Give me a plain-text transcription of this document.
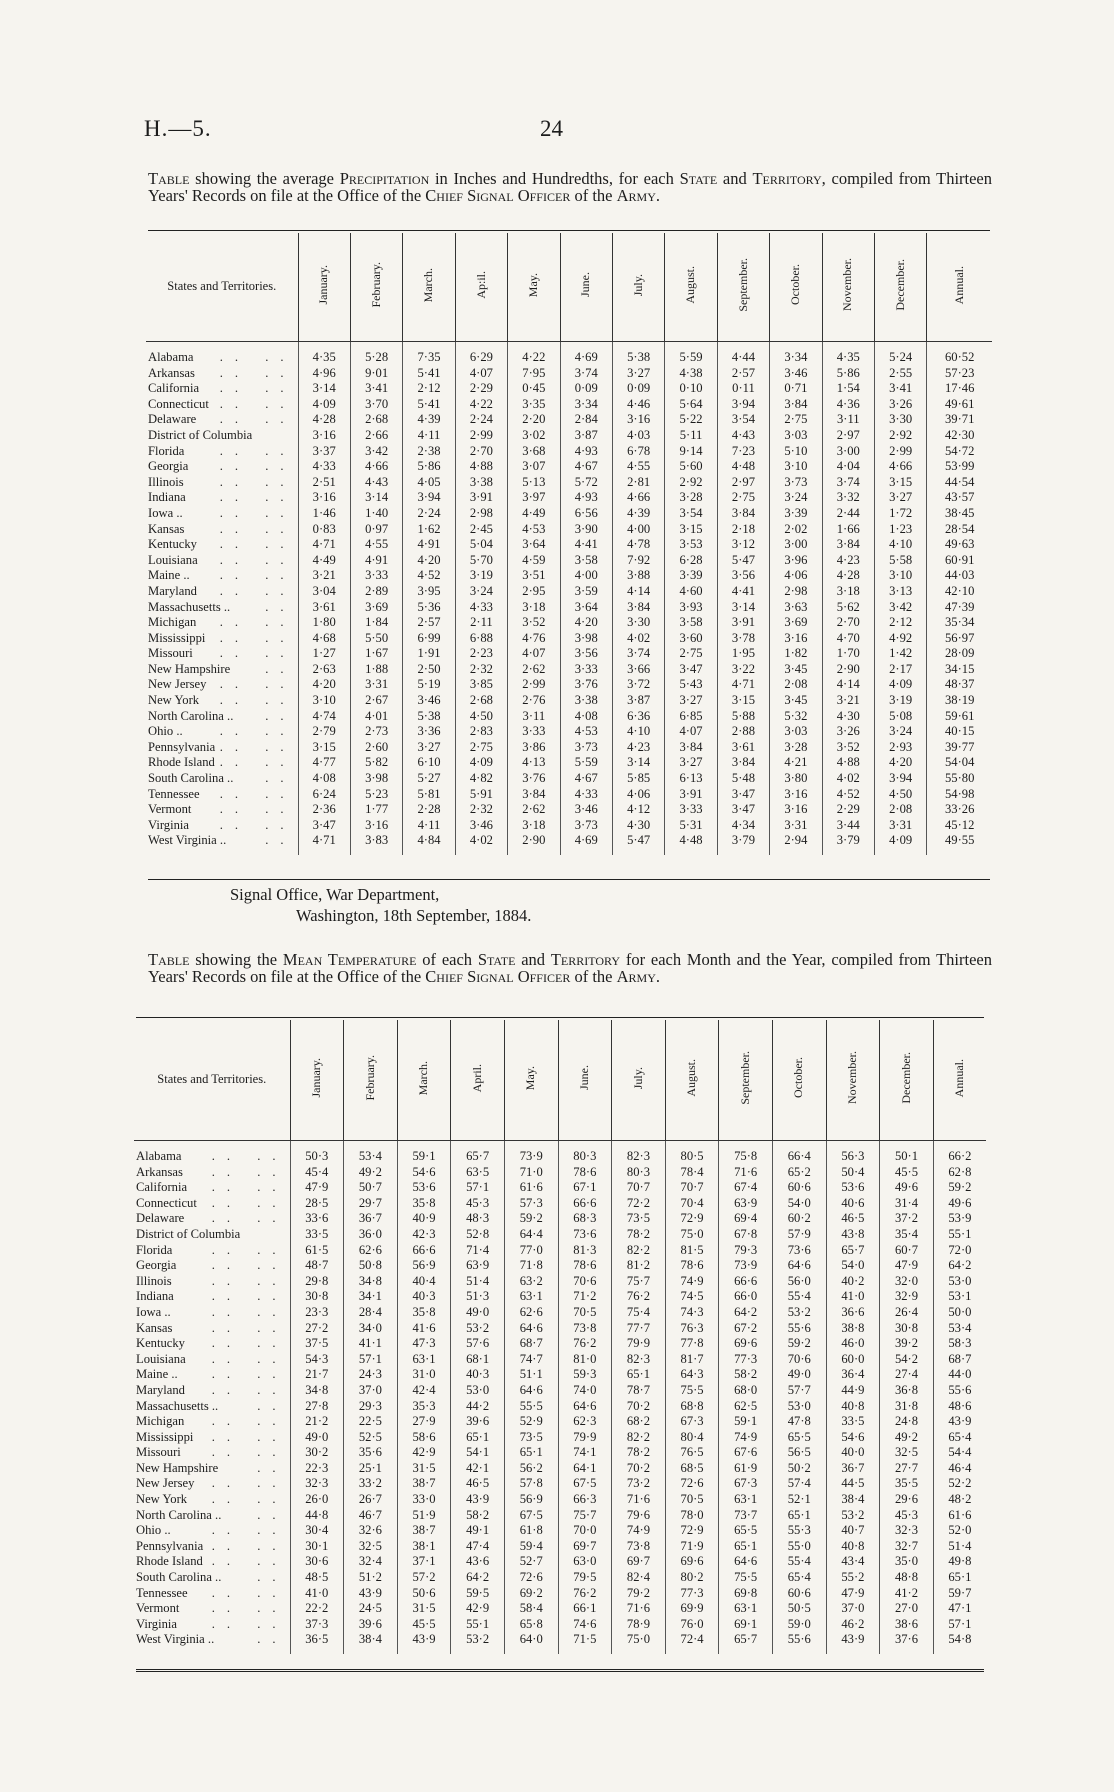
H.—5.	24
Table showing the average Precipitation in Inches and Hundredths, for each State and Territory, compiled from Thirteen Years' Records on file at the Office of the Chief Signal Officer of the Army.
States and Territories.	January.	February.	March.	Ap:il.	May.	June.	July.	August.	September.	October.	November.	December.	Annual.

Alabama .. ..	4·35	5·28	7·35	6·29	4·22	4·69	5·38	5·59	4·44	3·34	4·35	5·24	60·52
Arkansas .. ..	4·96	9·01	5·41	4·07	7·95	3·74	3·27	4·38	2·57	3·46	5·86	2·55	57·23
California .. ..	3·14	3·41	2·12	2·29	0·45	0·09	0·09	0·10	0·11	0·71	1·54	3·41	17·46
Connecticut .. ..	4·09	3·70	5·41	4·22	3·35	3·34	4·46	5·64	3·94	3·84	4·36	3·26	49·61
Delaware .. ..	4·28	2·68	4·39	2·24	2·20	2·84	3·16	5·22	3·54	2·75	3·11	3·30	39·71
District of Columbia	3·16	2·66	4·11	2·99	3·02	3·87	4·03	5·11	4·43	3·03	2·97	2·92	42·30
Florida .. ..	3·37	3·42	2·38	2·70	3·68	4·93	6·78	9·14	7·23	5·10	3·00	2·99	54·72
Georgia .. ..	4·33	4·66	5·86	4·88	3·07	4·67	4·55	5·60	4·48	3·10	4·04	4·66	53·99
Illinois .. ..	2·51	4·43	4·05	3·38	5·13	5·72	2·81	2·92	2·97	3·73	3·74	3·15	44·54
Indiana .. ..	3·16	3·14	3·94	3·91	3·97	4·93	4·66	3·28	2·75	3·24	3·32	3·27	43·57
Iowa .. .. ..	1·46	1·40	2·24	2·98	4·49	6·56	4·39	3·54	3·84	3·39	2·44	1·72	38·45
Kansas .. ..	0·83	0·97	1·62	2·45	4·53	3·90	4·00	3·15	2·18	2·02	1·66	1·23	28·54
Kentucky .. ..	4·71	4·55	4·91	5·04	3·64	4·41	4·78	3·53	3·12	3·00	3·84	4·10	49·63
Louisiana .. ..	4·49	4·91	4·20	5·70	4·59	3·58	7·92	6·28	5·47	3·96	4·23	5·58	60·91
Maine .. .. ..	3·21	3·33	4·52	3·19	3·51	4·00	3·88	3·39	3·56	4·06	4·28	3·10	44·03
Maryland .. ..	3·04	2·89	3·95	3·24	2·95	3·59	4·14	4·60	4·41	2·98	3·18	3·13	42·10
Massachusetts .. ..	3·61	3·69	5·36	4·33	3·18	3·64	3·84	3·93	3·14	3·63	5·62	3·42	47·39
Michigan .. ..	1·80	1·84	2·57	2·11	3·52	4·20	3·30	3·58	3·91	3·69	2·70	2·12	35·34
Mississippi .. ..	4·68	5·50	6·99	6·88	4·76	3·98	4·02	3·60	3·78	3·16	4·70	4·92	56·97
Missouri .. ..	1·27	1·67	1·91	2·23	4·07	3·56	3·74	2·75	1·95	1·82	1·70	1·42	28·09
New Hampshire ..	2·63	1·88	2·50	2·32	2·62	3·33	3·66	3·47	3·22	3·45	2·90	2·17	34·15
New Jersey .. ..	4·20	3·31	5·19	3·85	2·99	3·76	3·72	5·43	4·71	2·08	4·14	4·09	48·37
New York .. ..	3·10	2·67	3·46	2·68	2·76	3·38	3·87	3·27	3·15	3·45	3·21	3·19	38·19
North Carolina .. ..	4·74	4·01	5·38	4·50	3·11	4·08	6·36	6·85	5·88	5·32	4·30	5·08	59·61
Ohio .. .. ..	2·79	2·73	3·36	2·83	3·33	4·53	4·10	4·07	2·88	3·03	3·26	3·24	40·15
Pennsylvania .. ..	3·15	2·60	3·27	2·75	3·86	3·73	4·23	3·84	3·61	3·28	3·52	2·93	39·77
Rhode Island .. ..	4·77	5·82	6·10	4·09	4·13	5·59	3·14	3·27	3·84	4·21	4·88	4·20	54·04
South Carolina .. ..	4·08	3·98	5·27	4·82	3·76	4·67	5·85	6·13	5·48	3·80	4·02	3·94	55·80
Tennessee .. ..	6·24	5·23	5·81	5·91	3·84	4·33	4·06	3·91	3·47	3·16	4·52	4·50	54·98
Vermont .. ..	2·36	1·77	2·28	2·32	2·62	3·46	4·12	3·33	3·47	3·16	2·29	2·08	33·26
Virginia .. ..	3·47	3·16	4·11	3·46	3·18	3·73	4·30	5·31	4·34	3·31	3·44	3·31	45·12
West Virginia .. ..	4·71	3·83	4·84	4·02	2·90	4·69	5·47	4·48	3·79	2·94	3·79	4·09	49·55

Signal Office, War Department,
Washington, 18th September, 1884.
Table showing the Mean Temperature of each State and Territory for each Month and the Year, compiled from Thirteen Years' Records on file at the Office of the Chief Signal Officer of the Army.
States and Territories.	January.	February.	March.	April.	May.	June.	July.	August.	September.	October.	November.	December.	Annual.

Alabama .. ..	50·3	53·4	59·1	65·7	73·9	80·3	82·3	80·5	75·8	66·4	56·3	50·1	66·2
Arkansas .. ..	45·4	49·2	54·6	63·5	71·0	78·6	80·3	78·4	71·6	65·2	50·4	45·5	62·8
California .. ..	47·9	50·7	53·6	57·1	61·6	67·1	70·7	70·7	67·4	60·6	53·6	49·6	59·2
Connecticut .. ..	28·5	29·7	35·8	45·3	57·3	66·6	72·2	70·4	63·9	54·0	40·6	31·4	49·6
Delaware .. ..	33·6	36·7	40·9	48·3	59·2	68·3	73·5	72·9	69·4	60·2	46·5	37·2	53·9
District of Columbia	33·5	36·0	42·3	52·8	64·4	73·6	78·2	75·0	67·8	57·9	43·8	35·4	55·1
Florida .. ..	61·5	62·6	66·6	71·4	77·0	81·3	82·2	81·5	79·3	73·6	65·7	60·7	72·0
Georgia .. ..	48·7	50·8	56·9	63·9	71·8	78·6	81·2	78·6	73·9	64·6	54·0	47·9	64·2
Illinois .. ..	29·8	34·8	40·4	51·4	63·2	70·6	75·7	74·9	66·6	56·0	40·2	32·0	53·0
Indiana .. ..	30·8	34·1	40·3	51·3	63·1	71·2	76·2	74·5	66·0	55·4	41·0	32·9	53·1
Iowa .. .. ..	23·3	28·4	35·8	49·0	62·6	70·5	75·4	74·3	64·2	53·2	36·6	26·4	50·0
Kansas .. ..	27·2	34·0	41·6	53·2	64·6	73·8	77·7	76·3	67·2	55·6	38·8	30·8	53·4
Kentucky .. ..	37·5	41·1	47·3	57·6	68·7	76·2	79·9	77·8	69·6	59·2	46·0	39·2	58·3
Louisiana .. ..	54·3	57·1	63·1	68·1	74·7	81·0	82·3	81·7	77·3	70·6	60·0	54·2	68·7
Maine .. .. ..	21·7	24·3	31·0	40·3	51·1	59·3	65·1	64·3	58·2	49·0	36·4	27·4	44·0
Maryland .. ..	34·8	37·0	42·4	53·0	64·6	74·0	78·7	75·5	68·0	57·7	44·9	36·8	55·6
Massachusetts .. ..	27·8	29·3	35·3	44·2	55·5	64·6	70·2	68·8	62·5	53·0	40·8	31·8	48·6
Michigan .. ..	21·2	22·5	27·9	39·6	52·9	62·3	68·2	67·3	59·1	47·8	33·5	24·8	43·9
Mississippi .. ..	49·0	52·5	58·6	65·1	73·5	79·9	82·2	80·4	74·9	65·5	54·6	49·2	65·4
Missouri .. ..	30·2	35·6	42·9	54·1	65·1	74·1	78·2	76·5	67·6	56·5	40·0	32·5	54·4
New Hampshire ..	22·3	25·1	31·5	42·1	56·2	64·1	70·2	68·5	61·9	50·2	36·7	27·7	46·4
New Jersey .. ..	32·3	33·2	38·7	46·5	57·8	67·5	73·2	72·6	67·3	57·4	44·5	35·5	52·2
New York .. ..	26·0	26·7	33·0	43·9	56·9	66·3	71·6	70·5	63·1	52·1	38·4	29·6	48·2
North Carolina .. ..	44·8	46·7	51·9	58·2	67·5	75·7	79·6	78·0	73·7	65·1	53·2	45·3	61·6
Ohio .. .. ..	30·4	32·6	38·7	49·1	61·8	70·0	74·9	72·9	65·5	55·3	40·7	32·3	52·0
Pennsylvania .. ..	30·1	32·5	38·1	47·4	59·4	69·7	73·8	71·9	65·1	55·0	40·8	32·7	51·4
Rhode Island .. ..	30·6	32·4	37·1	43·6	52·7	63·0	69·7	69·6	64·6	55·4	43·4	35·0	49·8
South Carolina .. ..	48·5	51·2	57·2	64·2	72·6	79·5	82·4	80·2	75·5	65·4	55·2	48·8	65·1
Tennessee .. ..	41·0	43·9	50·6	59·5	69·2	76·2	79·2	77·3	69·8	60·6	47·9	41·2	59·7
Vermont .. ..	22·2	24·5	31·5	42·9	58·4	66·1	71·6	69·9	63·1	50·5	37·0	27·0	47·1
Virginia .. ..	37·3	39·6	45·5	55·1	65·8	74·6	78·9	76·0	69·1	59·0	46·2	38·6	57·1
West Virginia .. ..	36·5	38·4	43·9	53·2	64·0	71·5	75·0	72·4	65·7	55·6	43·9	37·6	54·8
